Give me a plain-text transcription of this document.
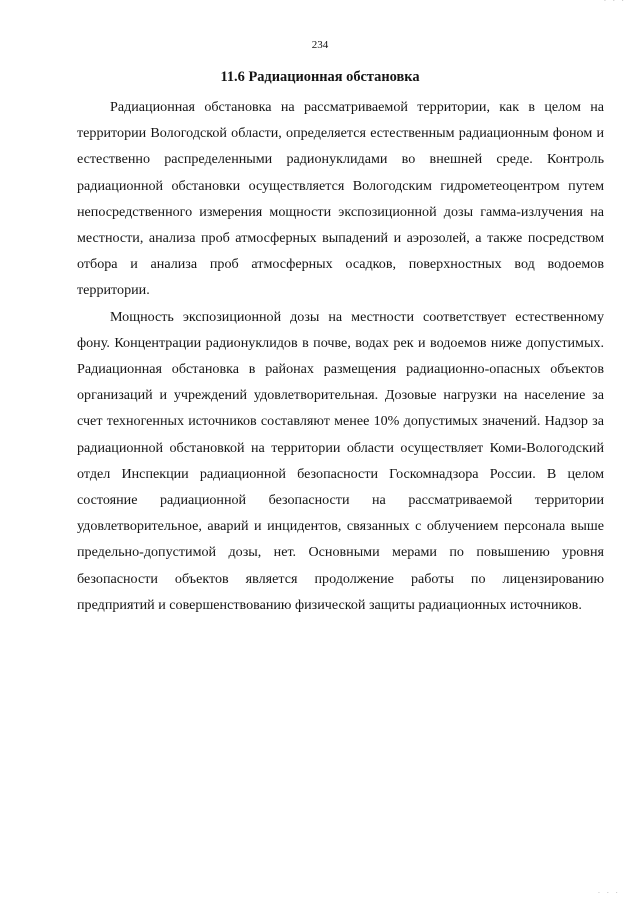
· · ·
234
11.6 Радиационная обстановка

Радиационная обстановка на рассматриваемой территории, как в целом на территории Вологодской области, определяется естественным радиационным фоном и естественно распределенными радионуклидами во внешней среде. Контроль радиационной обстановки осуществляется Вологодским гидрометеоцентром путем непосредственного измерения мощности экспозиционной дозы гамма-излучения на местности, анализа проб атмосферных выпадений и аэрозолей, а также посредством отбора и анализа проб атмосферных осадков, поверхностных вод водоемов территории.

Мощность экспозиционной дозы на местности соответствует естественному фону. Концентрации радионуклидов в почве, водах рек и водоемов ниже допустимых. Радиационная обстановка в районах размещения радиационно-опасных объектов организаций и учреждений удовлетворительная. Дозовые нагрузки на население за счет техногенных источников составляют менее 10% допустимых значений. Надзор за радиационной обстановкой на территории области осуществляет Коми-Вологодский отдел Инспекции радиационной безопасности Госкомнадзора России. В целом состояние радиационной безопасности на рассматриваемой территории удовлетворительное, аварий и инцидентов, связанных с облучением персонала выше предельно-допустимой дозы, нет. Основными мерами по повышению уровня безопасности объектов является продолжение работы по лицензированию предприятий и совершенствованию физической защиты радиационных источников.

· · ·
